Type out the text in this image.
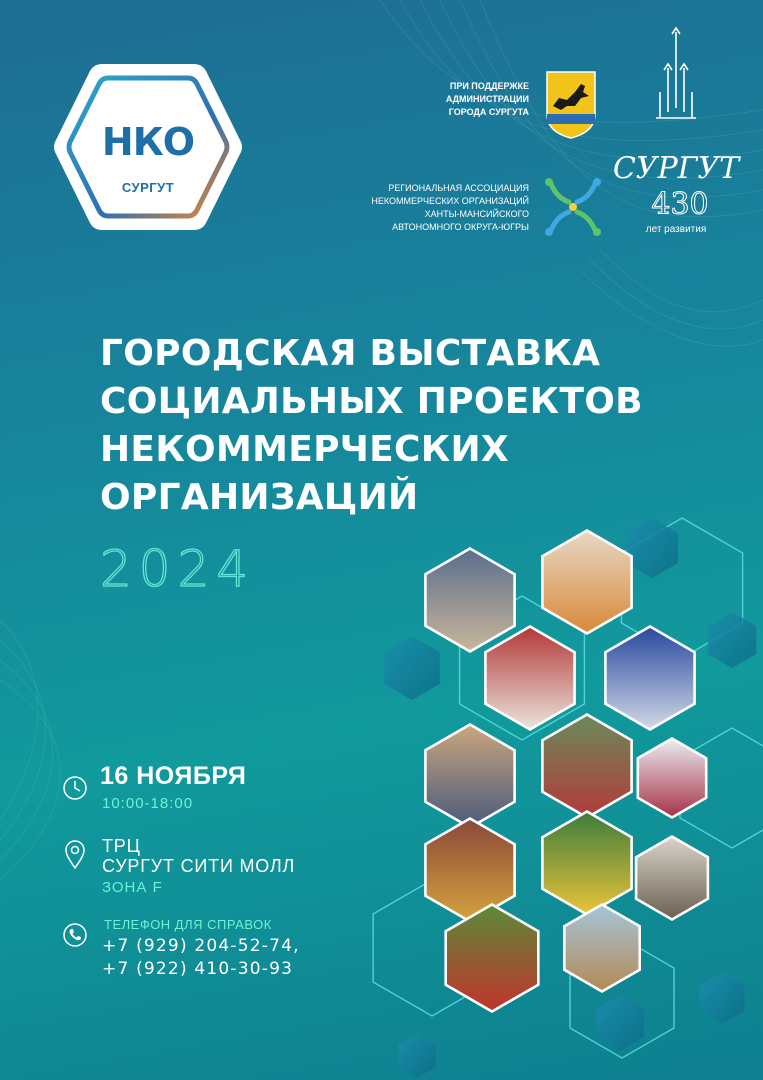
НКО
СУРГУТ
ПРИ ПОДДЕРЖКЕ
АДМИНИСТРАЦИИ
ГОРОДА СУРГУТА
РЕГИОНАЛЬНАЯ АССОЦИАЦИЯ
НЕКОММЕРЧЕСКИХ ОРГАНИЗАЦИЙ
ХАНТЫ-МАНСИЙСКОГО
АВТОНОМНОГО ОКРУГА-ЮГРЫ
СУРГУТ
430
лет развития
ГОРОДСКАЯ ВЫСТАВКА
СОЦИАЛЬНЫХ ПРОЕКТОВ
НЕКОММЕРЧЕСКИХ
ОРГАНИЗАЦИЙ
2024
16 НОЯБРЯ
10:00-18:00
ТРЦ
СУРГУТ СИТИ МОЛЛ
ЗОНА F
ТЕЛЕФОН ДЛЯ СПРАВОК
+7 (929) 204-52-74,
+7 (922) 410-30-93
